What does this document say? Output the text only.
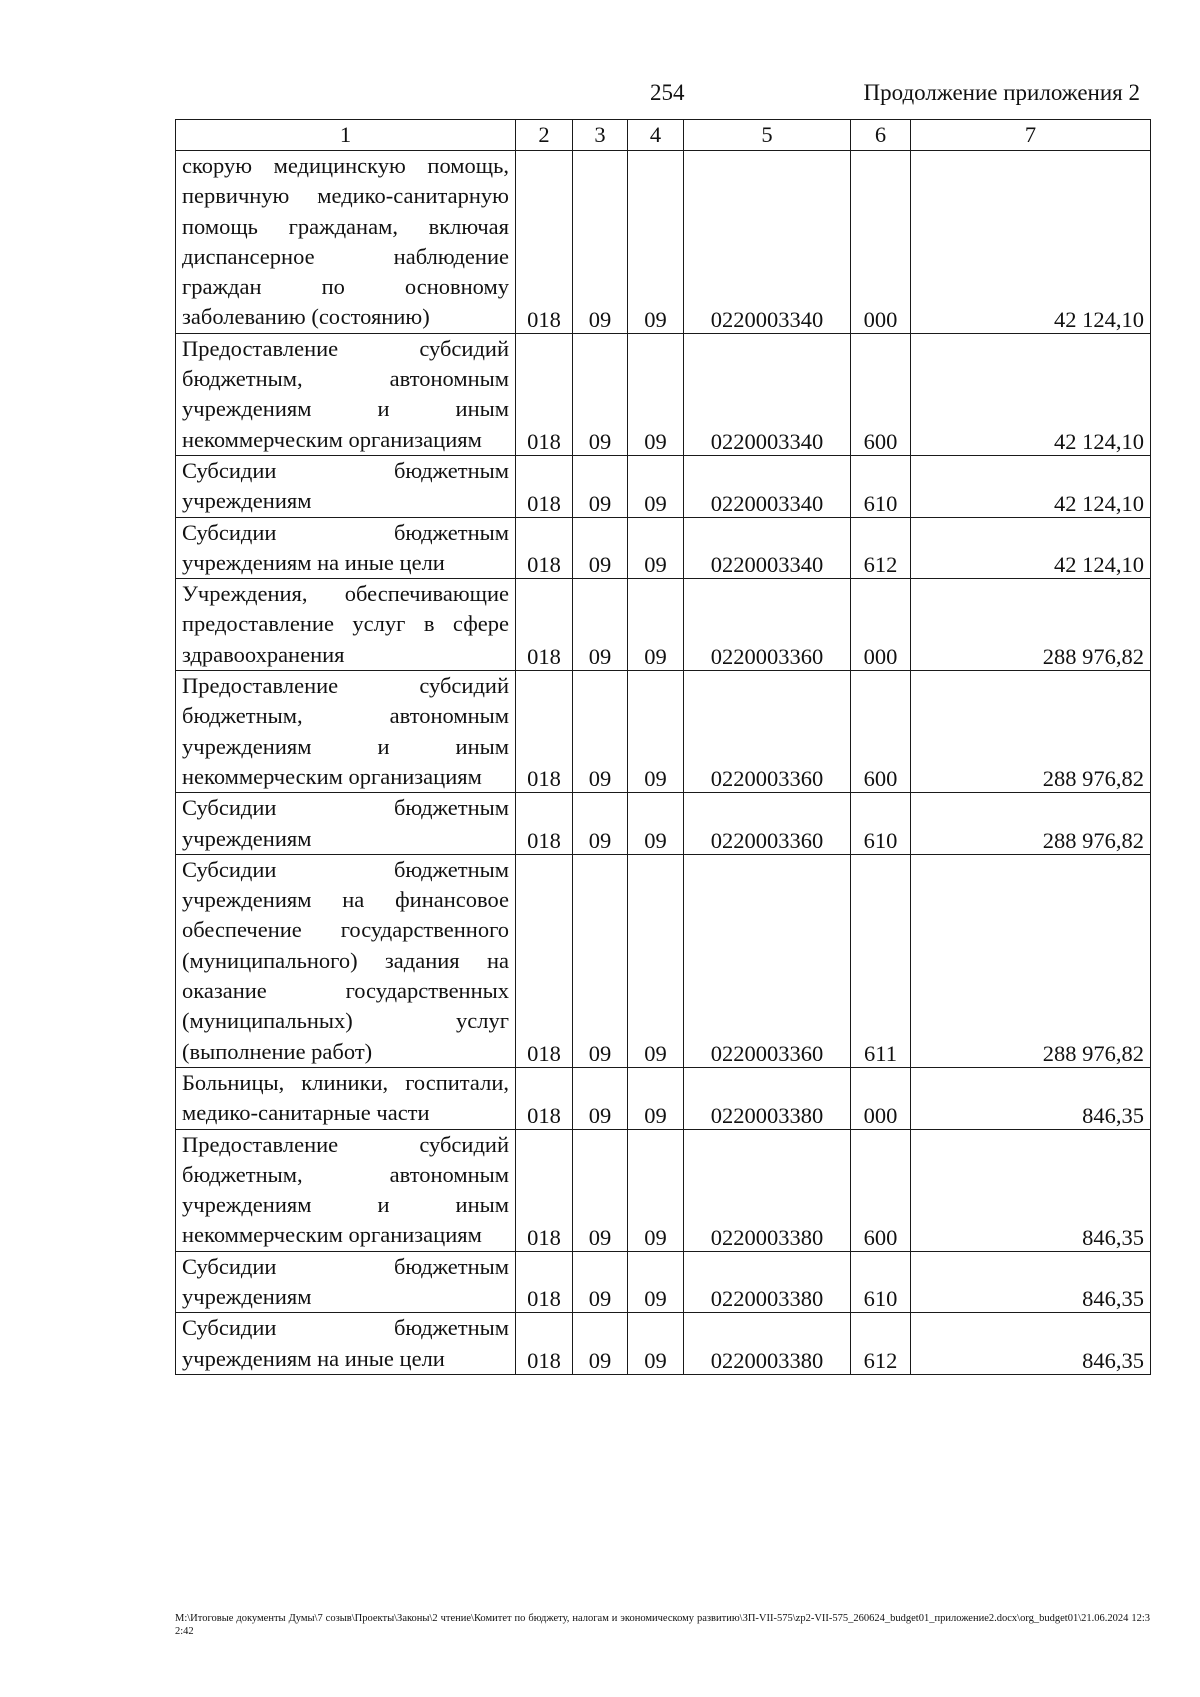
254	Продолжение приложения 2
1	2	3	4	5	6	7
скорую медицинскую помощь, первичную медико-санитарную помощь гражданам, включая диспансерное наблюдение граждан по основному заболеванию (состоянию)	018	09	09	0220003340	000	42 124,10
Предоставление субсидий бюджетным, автономным учреждениям и иным некоммерческим организациям	018	09	09	0220003340	600	42 124,10
Субсидии бюджетным учреждениям	018	09	09	0220003340	610	42 124,10
Субсидии бюджетным учреждениям на иные цели	018	09	09	0220003340	612	42 124,10
Учреждения, обеспечивающие предоставление услуг в сфере здравоохранения	018	09	09	0220003360	000	288 976,82
Предоставление субсидий бюджетным, автономным учреждениям и иным некоммерческим организациям	018	09	09	0220003360	600	288 976,82
Субсидии бюджетным учреждениям	018	09	09	0220003360	610	288 976,82
Субсидии бюджетным учреждениям на финансовое обеспечение государственного (муниципального) задания на оказание государственных (муниципальных) услуг (выполнение работ)	018	09	09	0220003360	611	288 976,82
Больницы, клиники, госпитали, медико-санитарные части	018	09	09	0220003380	000	846,35
Предоставление субсидий бюджетным, автономным учреждениям и иным некоммерческим организациям	018	09	09	0220003380	600	846,35
Субсидии бюджетным учреждениям	018	09	09	0220003380	610	846,35
Субсидии бюджетным учреждениям на иные цели	018	09	09	0220003380	612	846,35
M:\Итоговые документы Думы\7 созыв\Проекты\Законы\2 чтение\Комитет по бюджету, налогам и экономическому развитию\ЗП-VII-575\zp2-VII-575_260624_budget01_приложение2.docx\org_budget01\21.06.2024 12:32:42
